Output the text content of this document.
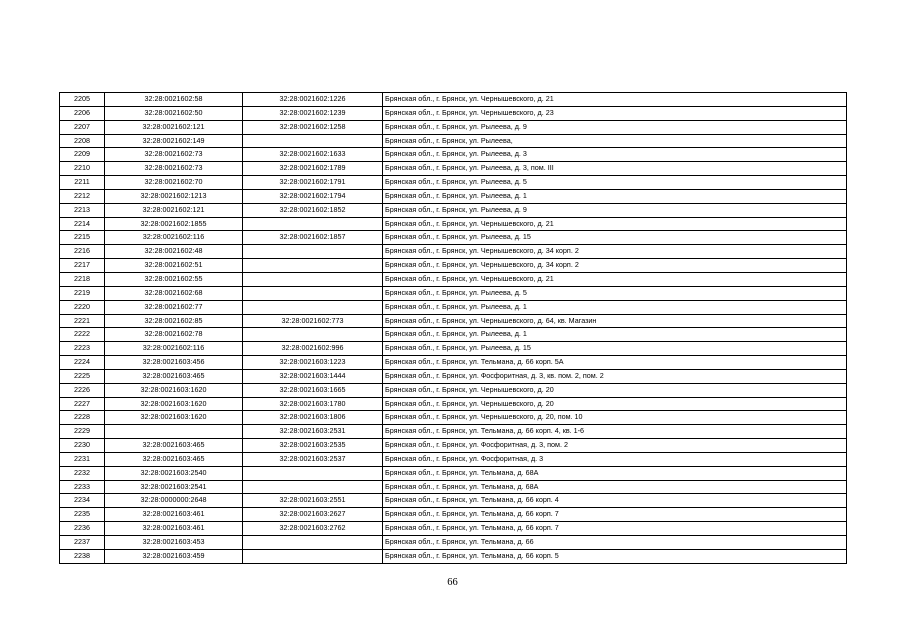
2205	32:28:0021602:58	32:28:0021602:1226	Брянская обл., г. Брянск, ул. Чернышевского, д. 21
2206	32:28:0021602:50	32:28:0021602:1239	Брянская обл., г. Брянск, ул. Чернышевского, д. 23
2207	32:28:0021602:121	32:28:0021602:1258	Брянская обл., г. Брянск, ул. Рылеева, д. 9
2208	32:28:0021602:149		Брянская обл., г. Брянск, ул. Рылеева,
2209	32:28:0021602:73	32:28:0021602:1633	Брянская обл., г. Брянск, ул. Рылеева, д. 3
2210	32:28:0021602:73	32:28:0021602:1789	Брянская обл., г. Брянск, ул. Рылеева, д. 3, пом. III
2211	32:28:0021602:70	32:28:0021602:1791	Брянская обл., г. Брянск, ул. Рылеева, д. 5
2212	32:28:0021602:1213	32:28:0021602:1794	Брянская обл., г. Брянск, ул. Рылеева, д. 1
2213	32:28:0021602:121	32:28:0021602:1852	Брянская обл., г. Брянск, ул. Рылеева, д. 9
2214	32:28:0021602:1855		Брянская обл., г. Брянск, ул. Чернышевского, д. 21
2215	32:28:0021602:116	32:28:0021602:1857	Брянская обл., г. Брянск, ул. Рылеева, д. 15
2216	32:28:0021602:48		Брянская обл., г. Брянск, ул. Чернышевского, д. 34 корп. 2
2217	32:28:0021602:51		Брянская обл., г. Брянск, ул. Чернышевского, д. 34 корп. 2
2218	32:28:0021602:55		Брянская обл., г. Брянск, ул. Чернышевского, д. 21
2219	32:28:0021602:68		Брянская обл., г. Брянск, ул. Рылеева, д. 5
2220	32:28:0021602:77		Брянская обл., г. Брянск, ул. Рылеева, д. 1
2221	32:28:0021602:85	32:28:0021602:773	Брянская обл., г. Брянск, ул. Чернышевского, д. 64, кв. Магазин
2222	32:28:0021602:78		Брянская обл., г. Брянск, ул. Рылеева, д. 1
2223	32:28:0021602:116	32:28:0021602:996	Брянская обл., г. Брянск, ул. Рылеева, д. 15
2224	32:28:0021603:456	32:28:0021603:1223	Брянская обл., г. Брянск, ул. Тельмана, д. 66 корп. 5А
2225	32:28:0021603:465	32:28:0021603:1444	Брянская обл., г. Брянск, ул. Фосфоритная, д. 3, кв. пом. 2, пом. 2
2226	32:28:0021603:1620	32:28:0021603:1665	Брянская обл., г. Брянск, ул. Чернышевского, д. 20
2227	32:28:0021603:1620	32:28:0021603:1780	Брянская обл., г. Брянск, ул. Чернышевского, д. 20
2228	32:28:0021603:1620	32:28:0021603:1806	Брянская обл., г. Брянск, ул. Чернышевского, д. 20, пом. 10
2229		32:28:0021603:2531	Брянская обл., г. Брянск, ул. Тельмана, д. 66 корп. 4, кв. 1-6
2230	32:28:0021603:465	32:28:0021603:2535	Брянская обл., г. Брянск, ул. Фосфоритная, д. 3, пом. 2
2231	32:28:0021603:465	32:28:0021603:2537	Брянская обл., г. Брянск, ул. Фосфоритная, д. 3
2232	32:28:0021603:2540		Брянская обл., г. Брянск, ул. Тельмана, д. 68А
2233	32:28:0021603:2541		Брянская обл., г. Брянск, ул. Тельмана, д. 68А
2234	32:28:0000000:2648	32:28:0021603:2551	Брянская обл., г. Брянск, ул. Тельмана, д. 66 корп. 4
2235	32:28:0021603:461	32:28:0021603:2627	Брянская обл., г. Брянск, ул. Тельмана, д. 66 корп. 7
2236	32:28:0021603:461	32:28:0021603:2762	Брянская обл., г. Брянск, ул. Тельмана, д. 66 корп. 7
2237	32:28:0021603:453		Брянская обл., г. Брянск, ул. Тельмана, д. 66
2238	32:28:0021603:459		Брянская обл., г. Брянск, ул. Тельмана, д. 66 корп. 5
66
